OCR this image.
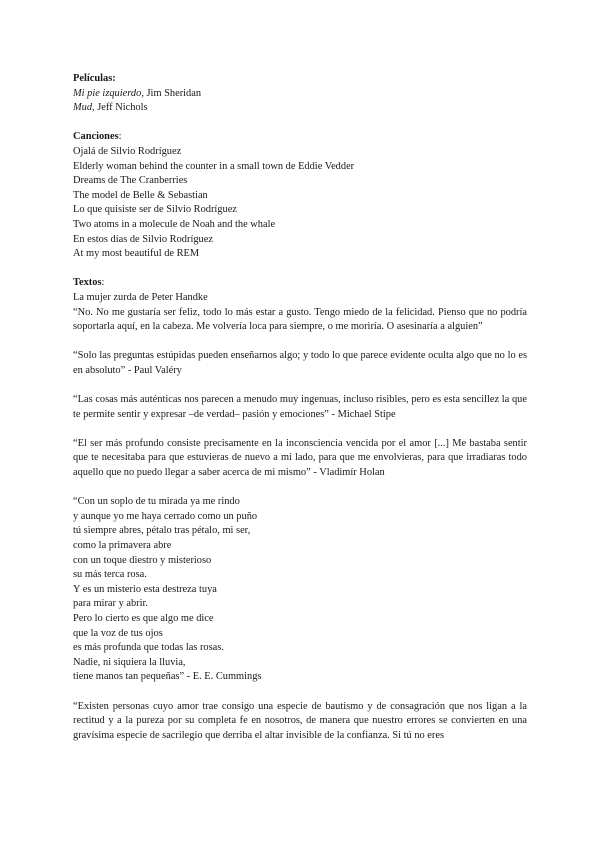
Películas:
Mi pie izquierdo, Jim Sheridan
Mud, Jeff Nichols
Canciones:
Ojalá de Silvio Rodríguez
Elderly woman behind the counter in a small town de Eddie Vedder
Dreams de The Cranberries
The model de Belle & Sebastian
Lo que quisiste ser de Silvio Rodríguez
Two atoms in a molecule de Noah and the whale
En estos días de Silvio Rodríguez
At my most beautiful de REM
Textos:
La mujer zurda de Peter Handke

“No. No me gustaría ser feliz, todo lo más estar a gusto. Tengo miedo de la felicidad. Pienso que no podría soportarla aquí, en la cabeza. Me volvería loca para siempre, o me moriría. O asesinaría a alguien”

“Solo las preguntas estúpidas pueden enseñarnos algo; y todo lo que parece evidente oculta algo que no lo es en absoluto” - Paul Valéry

“Las cosas más auténticas nos parecen a menudo muy ingenuas, incluso risibles, pero es esta sencillez la que te permite sentir y expresar –de verdad– pasión y emociones” - Michael Stipe

“El ser más profundo consiste precisamente en la inconsciencia vencida por el amor [...] Me bastaba sentir que te necesitaba para que estuvieras de nuevo a mi lado, para que me envolvieras, para que irradiaras todo aquello que no puedo llegar a saber acerca de mi mismo” - Vladimír Holan

“Con un soplo de tu mirada ya me rindo
y aunque yo me haya cerrado como un puño
tú siempre abres, pétalo tras pétalo, mi ser,
como la primavera abre
con un toque diestro y misterioso
su más terca rosa.
Y es un misterio esta destreza tuya
para mirar y abrir.
Pero lo cierto es que algo me dice
que la voz de tus ojos
es más profunda que todas las rosas.
Nadie, ni siquiera la lluvia,
tiene manos tan pequeñas” - E. E. Cummings

“Existen personas cuyo amor trae consigo una especie de bautismo y de consagración que nos ligan a la rectitud y a la pureza por su completa fe en nosotros, de manera que nuestro errores se convierten en una gravísima especie de sacrilegio que derriba el altar invisible de la confianza. Si tú no eres
